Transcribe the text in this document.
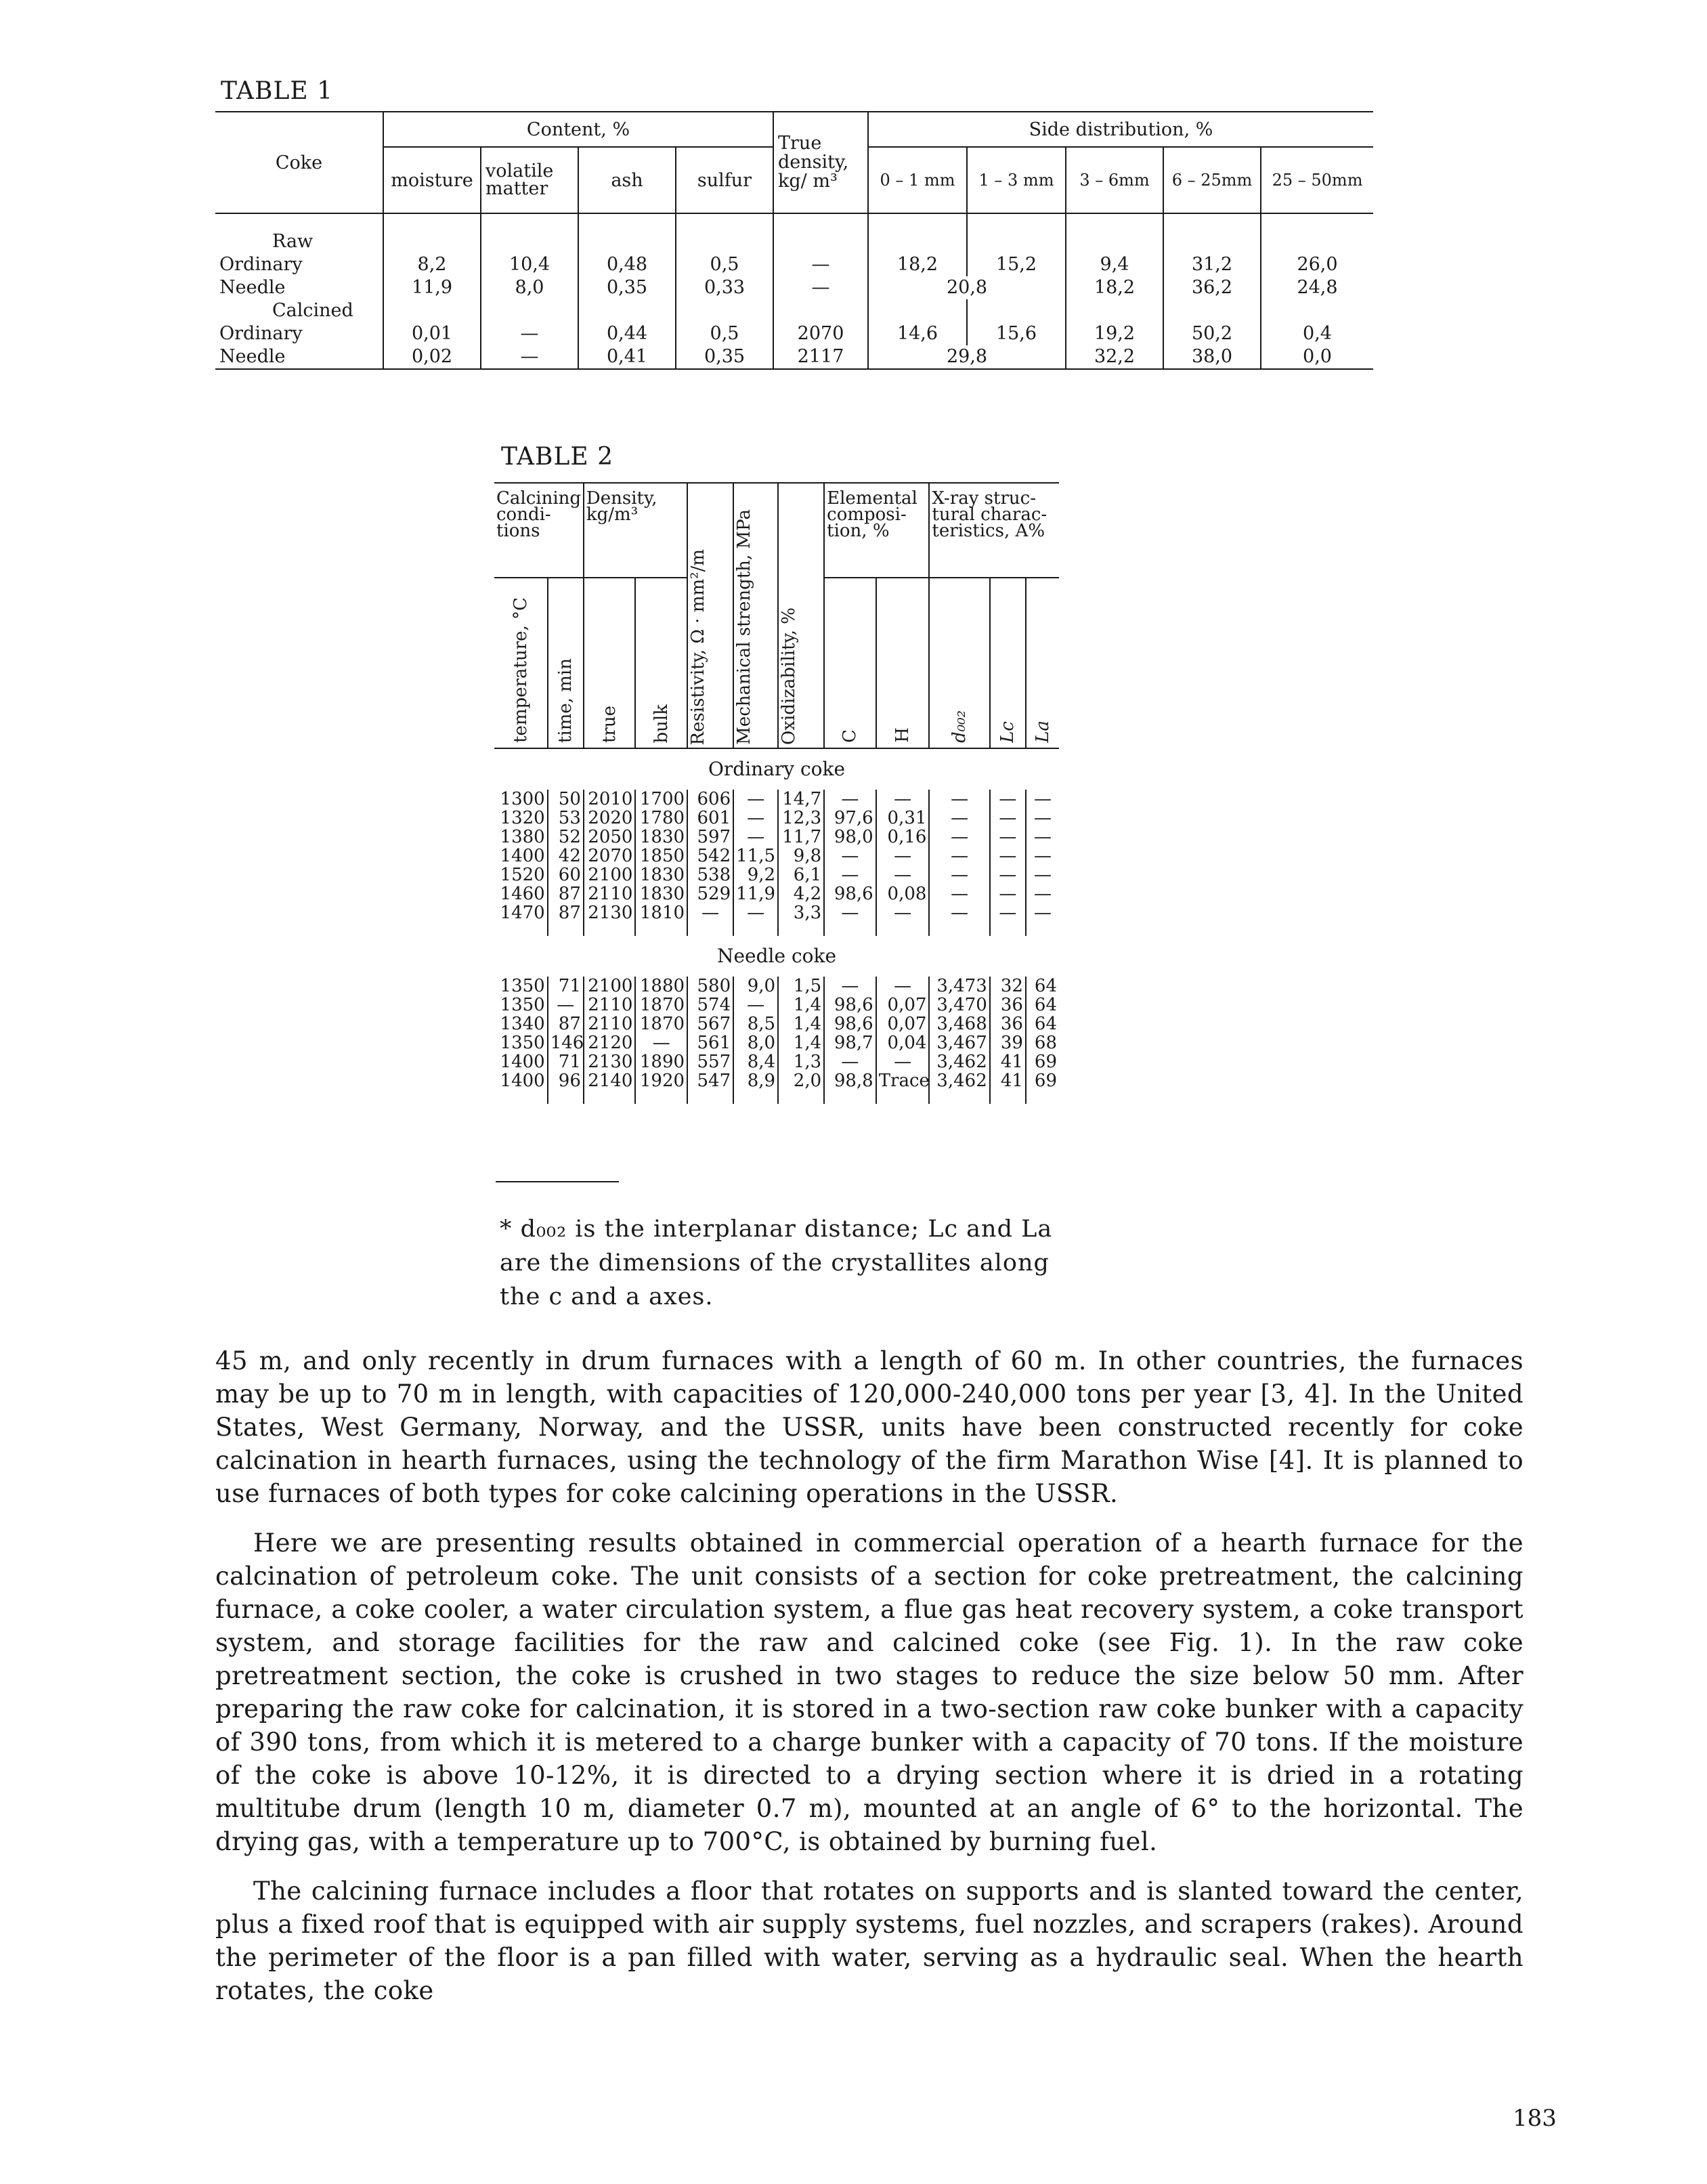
TABLE 1
Coke	Content, %				True density, kg/ m³	Side distribution, %				
	moisture	volatile matter	ash	sulfur		0 – 1 mm	1 – 3 mm	3 – 6mm	6 – 25mm	25 – 50mm

Raw										
Ordinary	8,2	10,4	0,48	0,5	—	18,2	15,2	9,4	31,2	26,0
Needle	11,9	8,0	0,35	0,33	—	20,8		18,2	36,2	24,8
Calcined										
Ordinary	0,01	—	0,44	0,5	2070	14,6	15,6	19,2	50,2	0,4
Needle	0,02	—	0,41	0,35	2117	29,8		32,2	38,0	0,0
TABLE 2
Calcining condi- tions		Density, kg/m³		Resistivity, Ω · mm²/m	Mechanical strength, MPa	Oxidizability, %	Elemental composi- tion, %		X-ray struc- tural charac- teristics, A%		
temperature, °C	time, min	true	bulk				C	H	d₀₀₂	Lc	La
Ordinary coke											
1300	50	2010	1700	606	—	14,7	—	—	—	—	—
1320	53	2020	1780	601	—	12,3	97,6	0,31	—	—	—
1380	52	2050	1830	597	—	11,7	98,0	0,16	—	—	—
1400	42	2070	1850	542	11,5	9,8	—	—	—	—	—
1520	60	2100	1830	538	9,2	6,1	—	—	—	—	—
1460	87	2110	1830	529	11,9	4,2	98,6	0,08	—	—	—
1470	87	2130	1810	—	—	3,3	—	—	—	—	—

Needle coke											
1350	71	2100	1880	580	9,0	1,5	—	—	3,473	32	64
1350	—	2110	1870	574	—	1,4	98,6	0,07	3,470	36	64
1340	87	2110	1870	567	8,5	1,4	98,6	0,07	3,468	36	64
1350	146	2120	—	561	8,0	1,4	98,7	0,04	3,467	39	68
1400	71	2130	1890	557	8,4	1,3	—	—	3,462	41	69
1400	96	2140	1920	547	8,9	2,0	98,8	Trace	3,462	41	69

* d₀₀₂ is the interplanar distance; Lc and La are the dimensions of the crystallites along the c and a axes.

45 m, and only recently in drum furnaces with a length of 60 m. In other countries, the furnaces may be up to 70 m in length, with capacities of 120,000-240,000 tons per year [3, 4]. In the United States, West Germany, Norway, and the USSR, units have been constructed recently for coke calcination in hearth furnaces, using the technology of the firm Marathon Wise [4]. It is planned to use furnaces of both types for coke calcining operations in the USSR.

Here we are presenting results obtained in commercial operation of a hearth furnace for the calcination of petroleum coke. The unit consists of a section for coke pretreatment, the calcining furnace, a coke cooler, a water circulation system, a flue gas heat recovery system, a coke transport system, and storage facilities for the raw and calcined coke (see Fig. 1). In the raw coke pretreatment section, the coke is crushed in two stages to reduce the size below 50 mm. After preparing the raw coke for calcination, it is stored in a two-section raw coke bunker with a capacity of 390 tons, from which it is metered to a charge bunker with a capacity of 70 tons. If the moisture of the coke is above 10-12%, it is directed to a drying section where it is dried in a rotating multitube drum (length 10 m, diameter 0.7 m), mounted at an angle of 6° to the horizontal. The drying gas, with a temperature up to 700°C, is obtained by burning fuel.

The calcining furnace includes a floor that rotates on supports and is slanted toward the center, plus a fixed roof that is equipped with air supply systems, fuel nozzles, and scrapers (rakes). Around the perimeter of the floor is a pan filled with water, serving as a hydraulic seal. When the hearth rotates, the coke

183
